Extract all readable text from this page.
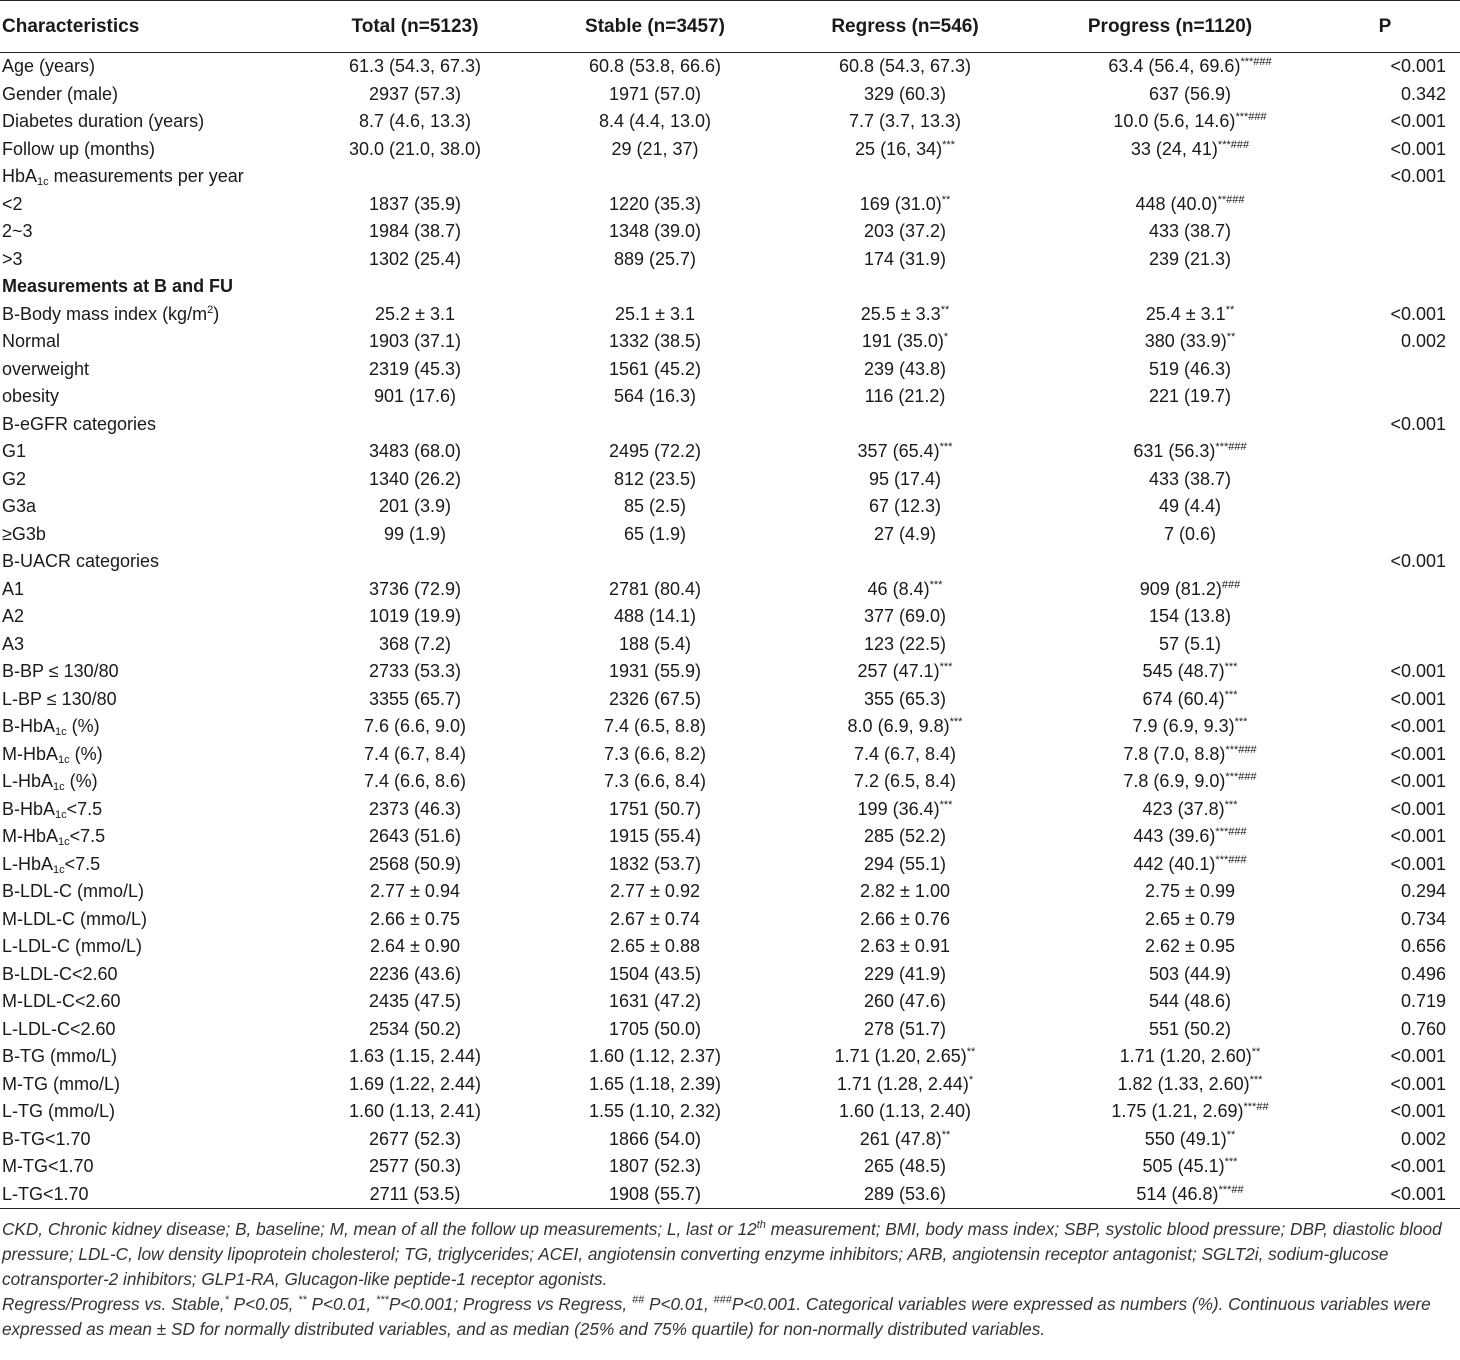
Characteristics	Total (n=5123)	Stable (n=3457)	Regress (n=546)	Progress (n=1120)	P
Age (years)	61.3 (54.3, 67.3)	60.8 (53.8, 66.6)	60.8 (54.3, 67.3)	63.4 (56.4, 69.6)***###	<0.001
Gender (male)	2937 (57.3)	1971 (57.0)	329 (60.3)	637 (56.9)	0.342
Diabetes duration (years)	8.7 (4.6, 13.3)	8.4 (4.4, 13.0)	7.7 (3.7, 13.3)	10.0 (5.6, 14.6)***###	<0.001
Follow up (months)	30.0 (21.0, 38.0)	29 (21, 37)	25 (16, 34)***	33 (24, 41)***###	<0.001
HbA$_{1c}$ measurements per year					<0.001
<2	1837 (35.9)	1220 (35.3)	169 (31.0)**	448 (40.0)**###	
2~3	1984 (38.7)	1348 (39.0)	203 (37.2)	433 (38.7)	
>3	1302 (25.4)	889 (25.7)	174 (31.9)	239 (21.3)	
Measurements at B and FU					
B-Body mass index $(kg/m^2)$	25.2 ± 3.1	25.1 ± 3.1	25.5 ± 3.3**	25.4 ± 3.1**	<0.001
Normal	1903 (37.1)	1332 (38.5)	191 (35.0)*	380 (33.9)**	0.002
overweight	2319 (45.3)	1561 (45.2)	239 (43.8)	519 (46.3)	
obesity	901 (17.6)	564 (16.3)	116 (21.2)	221 (19.7)	
B-eGFR categories					<0.001
G1	3483 (68.0)	2495 (72.2)	357 (65.4)***	631 (56.3)***###	
G2	1340 (26.2)	812 (23.5)	95 (17.4)	433 (38.7)	
G3a	201 (3.9)	85 (2.5)	67 (12.3)	49 (4.4)	
≥G3b	99 (1.9)	65 (1.9)	27 (4.9)	7 (0.6)	
B-UACR categories					<0.001
A1	3736 (72.9)	2781 (80.4)	46 (8.4)***	909 (81.2)###	
A2	1019 (19.9)	488 (14.1)	377 (69.0)	154 (13.8)	
A3	368 (7.2)	188 (5.4)	123 (22.5)	57 (5.1)	
B-BP ≤ 130/80	2733 (53.3)	1931 (55.9)	257 (47.1)***	545 (48.7)***	<0.001
L-BP ≤ 130/80	3355 (65.7)	2326 (67.5)	355 (65.3)	674 (60.4)***	<0.001
B-HbA$_{1c}$ (%)	7.6 (6.6, 9.0)	7.4 (6.5, 8.8)	8.0 (6.9, 9.8)***	7.9 (6.9, 9.3)***	<0.001
M-HbA$_{1c}$ (%)	7.4 (6.7, 8.4)	7.3 (6.6, 8.2)	7.4 (6.7, 8.4)	7.8 (7.0, 8.8)***###	<0.001
L-HbA$_{1c}$ (%)	7.4 (6.6, 8.6)	7.3 (6.6, 8.4)	7.2 (6.5, 8.4)	7.8 (6.9, 9.0)***###	<0.001
B-HbA$_{1c}$<7.5	2373 (46.3)	1751 (50.7)	199 (36.4)***	423 (37.8)***	<0.001
M-HbA$_{1c}$<7.5	2643 (51.6)	1915 (55.4)	285 (52.2)	443 (39.6)***###	<0.001
L-HbA$_{1c}$<7.5	2568 (50.9)	1832 (53.7)	294 (55.1)	442 (40.1)***###	<0.001
B-LDL-C (mmo/L)	2.77 ± 0.94	2.77 ± 0.92	2.82 ± 1.00	2.75 ± 0.99	0.294
M-LDL-C (mmo/L)	2.66 ± 0.75	2.67 ± 0.74	2.66 ± 0.76	2.65 ± 0.79	0.734
L-LDL-C (mmo/L)	2.64 ± 0.90	2.65 ± 0.88	2.63 ± 0.91	2.62 ± 0.95	0.656
B-LDL-C<2.60	2236 (43.6)	1504 (43.5)	229 (41.9)	503 (44.9)	0.496
M-LDL-C<2.60	2435 (47.5)	1631 (47.2)	260 (47.6)	544 (48.6)	0.719
L-LDL-C<2.60	2534 (50.2)	1705 (50.0)	278 (51.7)	551 (50.2)	0.760
B-TG (mmo/L)	1.63 (1.15, 2.44)	1.60 (1.12, 2.37)	1.71 (1.20, 2.65)**	1.71 (1.20, 2.60)**	<0.001
M-TG (mmo/L)	1.69 (1.22, 2.44)	1.65 (1.18, 2.39)	1.71 (1.28, 2.44)*	1.82 (1.33, 2.60)***	<0.001
L-TG (mmo/L)	1.60 (1.13, 2.41)	1.55 (1.10, 2.32)	1.60 (1.13, 2.40)	1.75 (1.21, 2.69)***##	<0.001
B-TG<1.70	2677 (52.3)	1866 (54.0)	261 (47.8)**	550 (49.1)**	0.002
M-TG<1.70	2577 (50.3)	1807 (52.3)	265 (48.5)	505 (45.1)***	<0.001
L-TG<1.70	2711 (53.5)	1908 (55.7)	289 (53.6)	514 (46.8)***##	<0.001

CKD, Chronic kidney disease; B, baseline; M, mean of all the follow up measurements; L, last or 12th measurement; BMI, body mass index; SBP, systolic blood pressure; DBP, diastolic blood pressure; LDL-C, low density lipoprotein cholesterol; TG, triglycerides; ACEI, angiotensin converting enzyme inhibitors; ARB, angiotensin receptor antagonist; SGLT2i, sodium-glucose cotransporter-2 inhibitors; GLP1-RA, Glucagon-like peptide-1 receptor agonists.

Regress/Progress vs. Stable,* P<0.05, ** P<0.01, ***P<0.001; Progress vs Regress, ## P<0.01, ###P<0.001. Categorical variables were expressed as numbers (%). Continuous variables were expressed as mean ± SD for normally distributed variables, and as median (25% and 75% quartile) for non-normally distributed variables.
